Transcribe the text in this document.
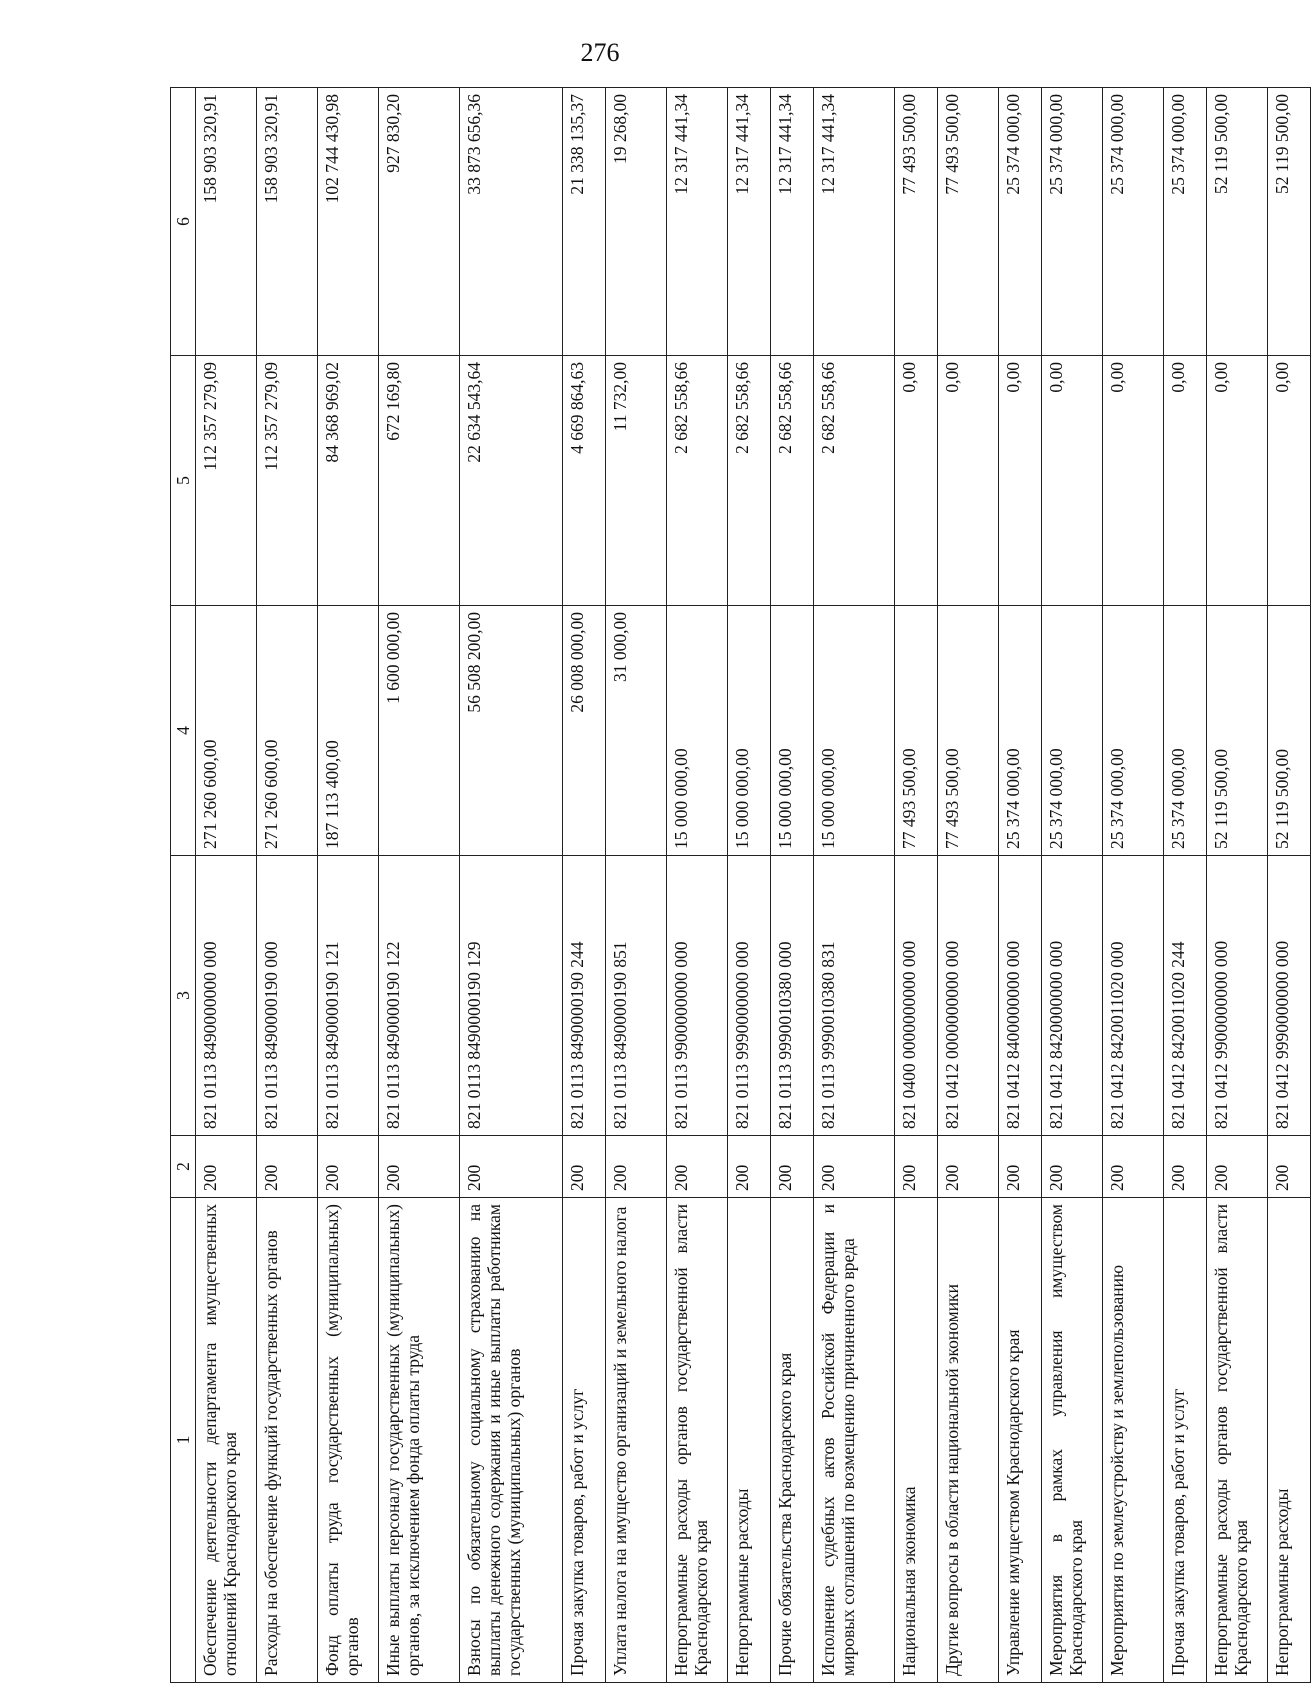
276
1	2	3	4	5	6
Обеспечение деятельности департамента имущественных отношений Краснодарского края	200	821 0113 8490000000 000	271 260 600,00	112 357 279,09	158 903 320,91
Расходы на обеспечение функций государственных органов	200	821 0113 8490000190 000	271 260 600,00	112 357 279,09	158 903 320,91
Фонд оплаты труда государственных (муниципальных) органов	200	821 0113 8490000190 121	187 113 400,00	84 368 969,02	102 744 430,98
Иные выплаты персоналу государственных (муниципальных) органов, за исключением фонда оплаты труда	200	821 0113 8490000190 122	1 600 000,00	672 169,80	927 830,20
Взносы по обязательному социальному страхованию на выплаты денежного содержания и иные выплаты работникам государственных (муниципальных) органов	200	821 0113 8490000190 129	56 508 200,00	22 634 543,64	33 873 656,36
Прочая закупка товаров, работ и услуг	200	821 0113 8490000190 244	26 008 000,00	4 669 864,63	21 338 135,37
Уплата налога на имущество организаций и земельного налога	200	821 0113 8490000190 851	31 000,00	11 732,00	19 268,00
Непрограммные расходы органов государственной власти Краснодарского края	200	821 0113 9900000000 000	15 000 000,00	2 682 558,66	12 317 441,34
Непрограммные расходы	200	821 0113 9990000000 000	15 000 000,00	2 682 558,66	12 317 441,34
Прочие обязательства Краснодарского края	200	821 0113 9990010380 000	15 000 000,00	2 682 558,66	12 317 441,34
Исполнение судебных актов Российской Федерации и мировых соглашений по возмещению причиненного вреда	200	821 0113 9990010380 831	15 000 000,00	2 682 558,66	12 317 441,34
Национальная экономика	200	821 0400 0000000000 000	77 493 500,00	0,00	77 493 500,00
Другие вопросы в области национальной экономики	200	821 0412 0000000000 000	77 493 500,00	0,00	77 493 500,00
Управление имуществом Краснодарского края	200	821 0412 8400000000 000	25 374 000,00	0,00	25 374 000,00
Мероприятия в рамках управления имуществом Краснодарского края	200	821 0412 8420000000 000	25 374 000,00	0,00	25 374 000,00
Мероприятия по землеустройству и землепользованию	200	821 0412 8420011020 000	25 374 000,00	0,00	25 374 000,00
Прочая закупка товаров, работ и услуг	200	821 0412 8420011020 244	25 374 000,00	0,00	25 374 000,00
Непрограммные расходы органов государственной власти Краснодарского края	200	821 0412 9900000000 000	52 119 500,00	0,00	52 119 500,00
Непрограммные расходы	200	821 0412 9990000000 000	52 119 500,00	0,00	52 119 500,00
